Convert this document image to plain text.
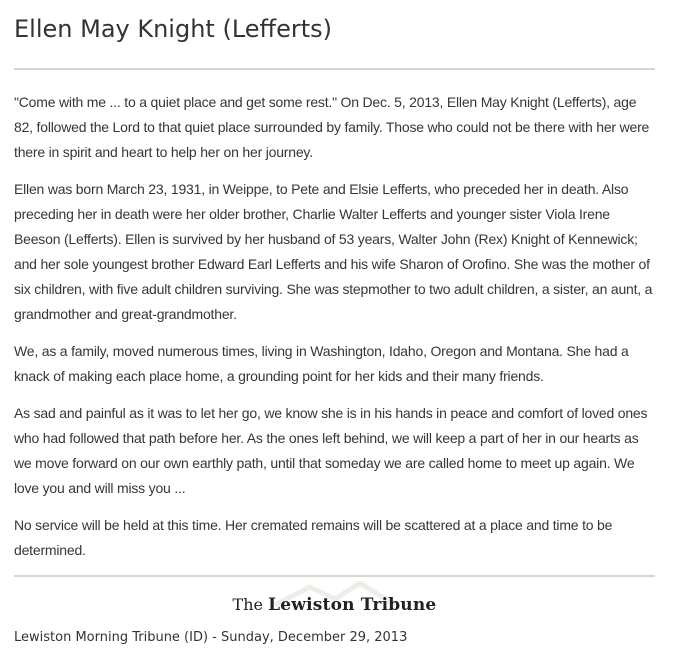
Ellen May Knight (Lefferts)

"Come with me ... to a quiet place and get some rest." On Dec. 5, 2013, Ellen May Knight (Lefferts), age 82, followed the Lord to that quiet place surrounded by family. Those who could not be there with her were there in spirit and heart to help her on her journey.

Ellen was born March 23, 1931, in Weippe, to Pete and Elsie Lefferts, who preceded her in death. Also preceding her in death were her older brother, Charlie Walter Lefferts and younger sister Viola Irene Beeson (Lefferts). Ellen is survived by her husband of 53 years, Walter John (Rex) Knight of Kennewick; and her sole youngest brother Edward Earl Lefferts and his wife Sharon of Orofino. She was the mother of six children, with five adult children surviving. She was stepmother to two adult children, a sister, an aunt, a grandmother and great-grandmother.

We, as a family, moved numerous times, living in Washington, Idaho, Oregon and Montana. She had a knack of making each place home, a grounding point for her kids and their many friends.

As sad and painful as it was to let her go, we know she is in his hands in peace and comfort of loved ones who had followed that path before her. As the ones left behind, we will keep a part of her in our hearts as we move forward on our own earthly path, until that someday we are called home to meet up again. We love you and will miss you ...

No service will be held at this time. Her cremated remains will be scattered at a place and time to be determined.

The Lewiston Tribune
Lewiston Morning Tribune (ID) - Sunday, December 29, 2013
